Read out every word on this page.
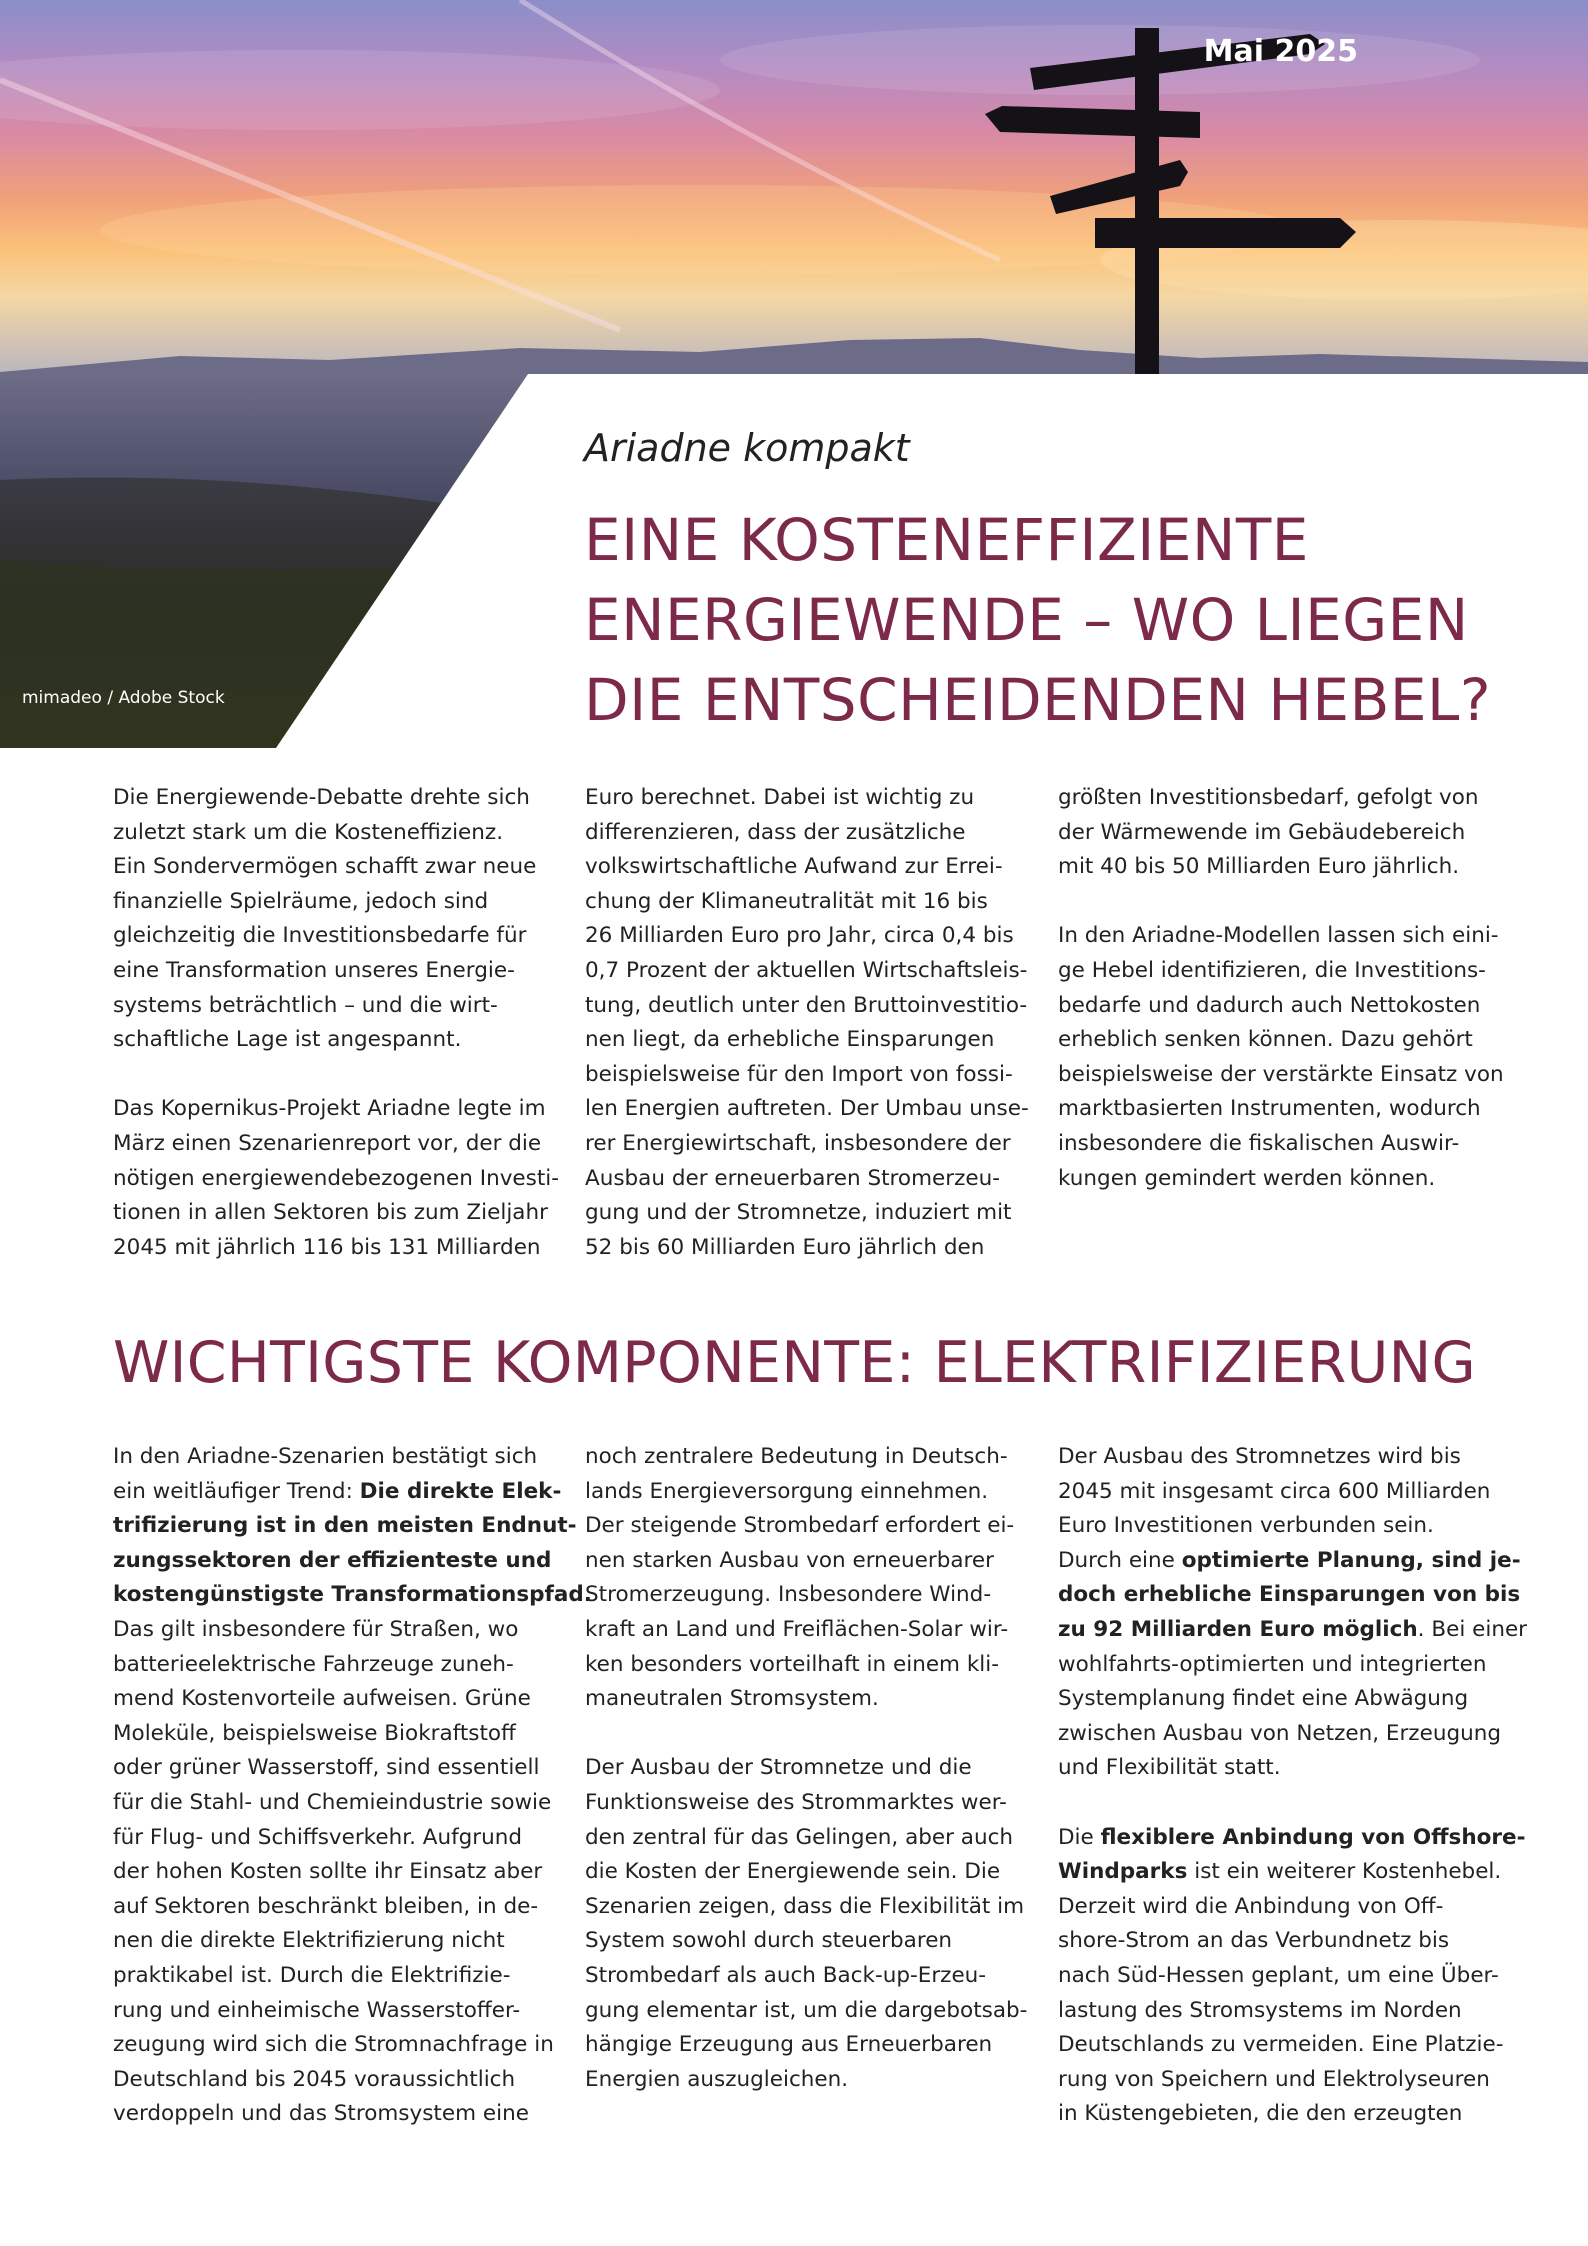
Mai 2025
mimadeo / Adobe Stock
Ariadne kompakt
EINE KOSTENEFFIZIENTE
ENERGIEWENDE – WO LIEGEN
DIE ENTSCHEIDENDEN HEBEL?
Die Energiewende-Debatte drehte sich
zuletzt stark um die Kosteneffizienz.
Ein Sondervermögen schafft zwar neue
finanzielle Spielräume, jedoch sind
gleichzeitig die Investitionsbedarfe für
eine Transformation unseres Energie-
systems beträchtlich – und die wirt-
schaftliche Lage ist angespannt.
Das Kopernikus-Projekt Ariadne legte im
März einen Szenarienreport vor, der die
nötigen energiewendebezogenen Investi-
tionen in allen Sektoren bis zum Zieljahr
2045 mit jährlich 116 bis 131 Milliarden
Euro berechnet. Dabei ist wichtig zu
differenzieren, dass der zusätzliche
volkswirtschaftliche Aufwand zur Errei-
chung der Klimaneutralität mit 16 bis
26 Milliarden Euro pro Jahr, circa 0,4 bis
0,7 Prozent der aktuellen Wirtschaftsleis-
tung, deutlich unter den Bruttoinvestitio-
nen liegt, da erhebliche Einsparungen
beispielsweise für den Import von fossi-
len Energien auftreten. Der Umbau unse-
rer Energiewirtschaft, insbesondere der
Ausbau der erneuerbaren Stromerzeu-
gung und der Stromnetze, induziert mit
52 bis 60 Milliarden Euro jährlich den
größten Investitionsbedarf, gefolgt von
der Wärmewende im Gebäudebereich
mit 40 bis 50 Milliarden Euro jährlich.
In den Ariadne-Modellen lassen sich eini-
ge Hebel identifizieren, die Investitions-
bedarfe und dadurch auch Nettokosten
erheblich senken können. Dazu gehört
beispielsweise der verstärkte Einsatz von
marktbasierten Instrumenten, wodurch
insbesondere die fiskalischen Auswir-
kungen gemindert werden können.
WICHTIGSTE KOMPONENTE: ELEKTRIFIZIERUNG
In den Ariadne-Szenarien bestätigt sich
ein weitläufiger Trend: Die direkte Elek-
trifizierung ist in den meisten Endnut-
zungssektoren der effizienteste und
kostengünstigste Transformationspfad.
Das gilt insbesondere für Straßen, wo
batterieelektrische Fahrzeuge zuneh-
mend Kostenvorteile aufweisen. Grüne
Moleküle, beispielsweise Biokraftstoff
oder grüner Wasserstoff, sind essentiell
für die Stahl- und Chemieindustrie sowie
für Flug- und Schiffsverkehr. Aufgrund
der hohen Kosten sollte ihr Einsatz aber
auf Sektoren beschränkt bleiben, in de-
nen die direkte Elektrifizierung nicht
praktikabel ist. Durch die Elektrifizie-
rung und einheimische Wasserstoffer-
zeugung wird sich die Stromnachfrage in
Deutschland bis 2045 voraussichtlich
verdoppeln und das Stromsystem eine
noch zentralere Bedeutung in Deutsch-
lands Energieversorgung einnehmen.
Der steigende Strombedarf erfordert ei-
nen starken Ausbau von erneuerbarer
Stromerzeugung. Insbesondere Wind-
kraft an Land und Freiflächen-Solar wir-
ken besonders vorteilhaft in einem kli-
maneutralen Stromsystem.
Der Ausbau der Stromnetze und die
Funktionsweise des Strommarktes wer-
den zentral für das Gelingen, aber auch
die Kosten der Energiewende sein. Die
Szenarien zeigen, dass die Flexibilität im
System sowohl durch steuerbaren
Strombedarf als auch Back-up-Erzeu-
gung elementar ist, um die dargebotsab-
hängige Erzeugung aus Erneuerbaren
Energien auszugleichen.
Der Ausbau des Stromnetzes wird bis
2045 mit insgesamt circa 600 Milliarden
Euro Investitionen verbunden sein.
Durch eine optimierte Planung, sind je-
doch erhebliche Einsparungen von bis
zu 92 Milliarden Euro möglich. Bei einer
wohlfahrts-optimierten und integrierten
Systemplanung findet eine Abwägung
zwischen Ausbau von Netzen, Erzeugung
und Flexibilität statt.
Die flexiblere Anbindung von Offshore-
Windparks ist ein weiterer Kostenhebel.
Derzeit wird die Anbindung von Off-
shore-Strom an das Verbundnetz bis
nach Süd-Hessen geplant, um eine Über-
lastung des Stromsystems im Norden
Deutschlands zu vermeiden. Eine Platzie-
rung von Speichern und Elektrolyseuren
in Küstengebieten, die den erzeugten
